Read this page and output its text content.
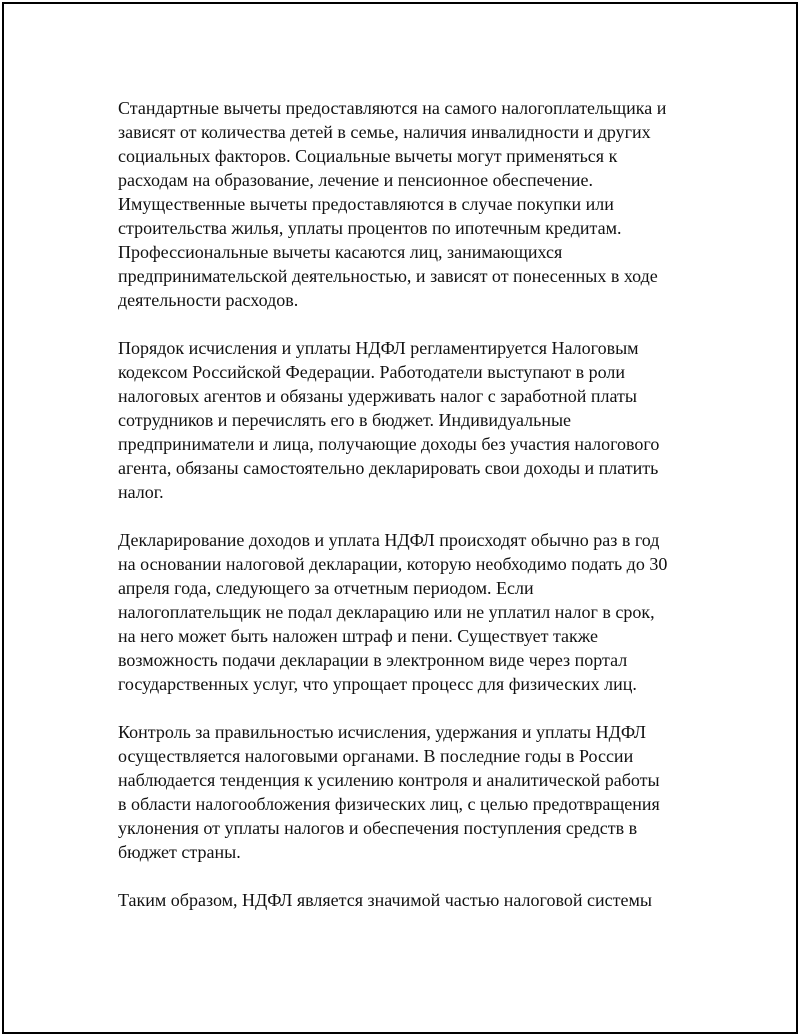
Стандартные вычеты предоставляются на самого налогоплательщика и
зависят от количества детей в семье, наличия инвалидности и других
социальных факторов. Социальные вычеты могут применяться к
расходам на образование, лечение и пенсионное обеспечение.
Имущественные вычеты предоставляются в случае покупки или
строительства жилья, уплаты процентов по ипотечным кредитам.
Профессиональные вычеты касаются лиц, занимающихся
предпринимательской деятельностью, и зависят от понесенных в ходе
деятельности расходов.

Порядок исчисления и уплаты НДФЛ регламентируется Налоговым
кодексом Российской Федерации. Работодатели выступают в роли
налоговых агентов и обязаны удерживать налог с заработной платы
сотрудников и перечислять его в бюджет. Индивидуальные
предприниматели и лица, получающие доходы без участия налогового
агента, обязаны самостоятельно декларировать свои доходы и платить
налог.

Декларирование доходов и уплата НДФЛ происходят обычно раз в год
на основании налоговой декларации, которую необходимо подать до 30
апреля года, следующего за отчетным периодом. Если
налогоплательщик не подал декларацию или не уплатил налог в срок,
на него может быть наложен штраф и пени. Существует также
возможность подачи декларации в электронном виде через портал
государственных услуг, что упрощает процесс для физических лиц.

Контроль за правильностью исчисления, удержания и уплаты НДФЛ
осуществляется налоговыми органами. В последние годы в России
наблюдается тенденция к усилению контроля и аналитической работы
в области налогообложения физических лиц, с целью предотвращения
уклонения от уплаты налогов и обеспечения поступления средств в
бюджет страны.

Таким образом, НДФЛ является значимой частью налоговой системы
